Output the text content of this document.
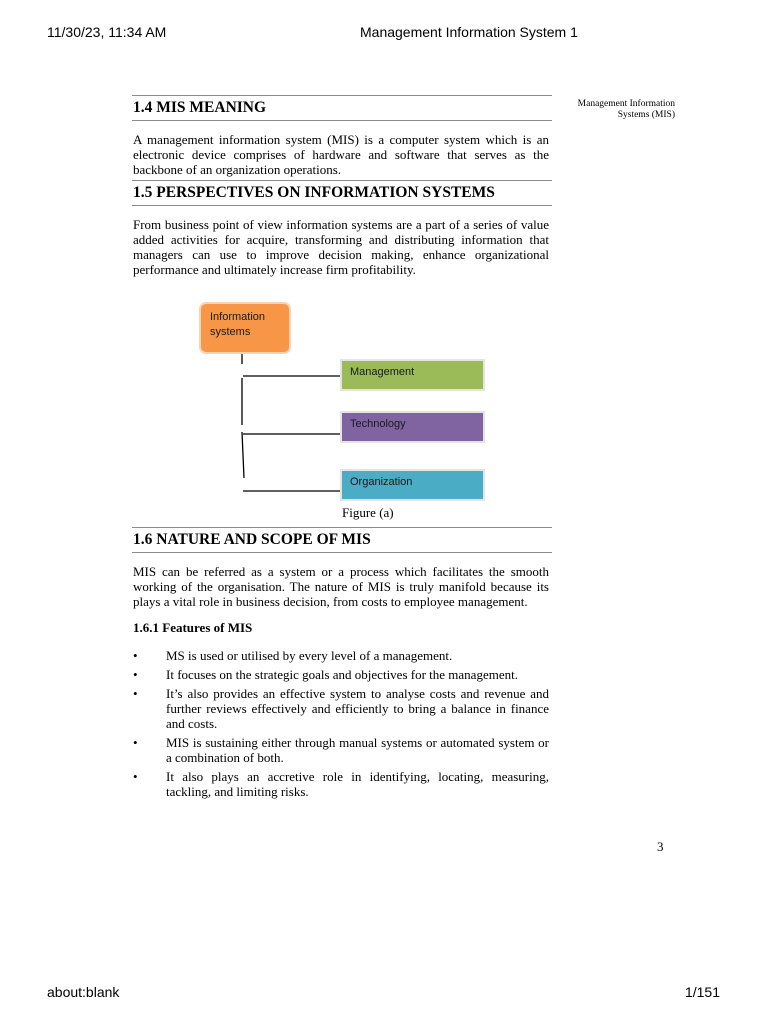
11/30/23, 11:34 AM	Management Information System 1
Management Information Systems (MIS)
1.4 MIS MEANING

A management information system (MIS) is a computer system which is an electronic device comprises of hardware and software that serves as the backbone of an organization operations.

1.5 PERSPECTIVES ON INFORMATION SYSTEMS

From business point of view information systems are a part of a series of value added activities for acquire, transforming and distributing information that managers can use to improve decision making, enhance organizational performance and ultimately increase firm profitability.

1.6 NATURE AND SCOPE OF MIS

MIS can be referred as a system or a process which facilitates the smooth working of the organisation. The nature of MIS is truly manifold because its plays a vital role in business decision, from costs to employee management.

1.6.1 Features of MIS

• MS is used or utilised by every level of a management.
• It focuses on the strategic goals and objectives for the management.
• It’s also provides an effective system to analyse costs and revenue and further reviews effectively and efficiently to bring a balance in finance and costs.
• MIS is sustaining either through manual systems or automated system or a combination of both.
• It also plays an accretive role in identifying, locating, measuring, tackling, and limiting risks.
Information
systems
Management
Technology
Organization
Figure (a)
3
about:blank	1/151
